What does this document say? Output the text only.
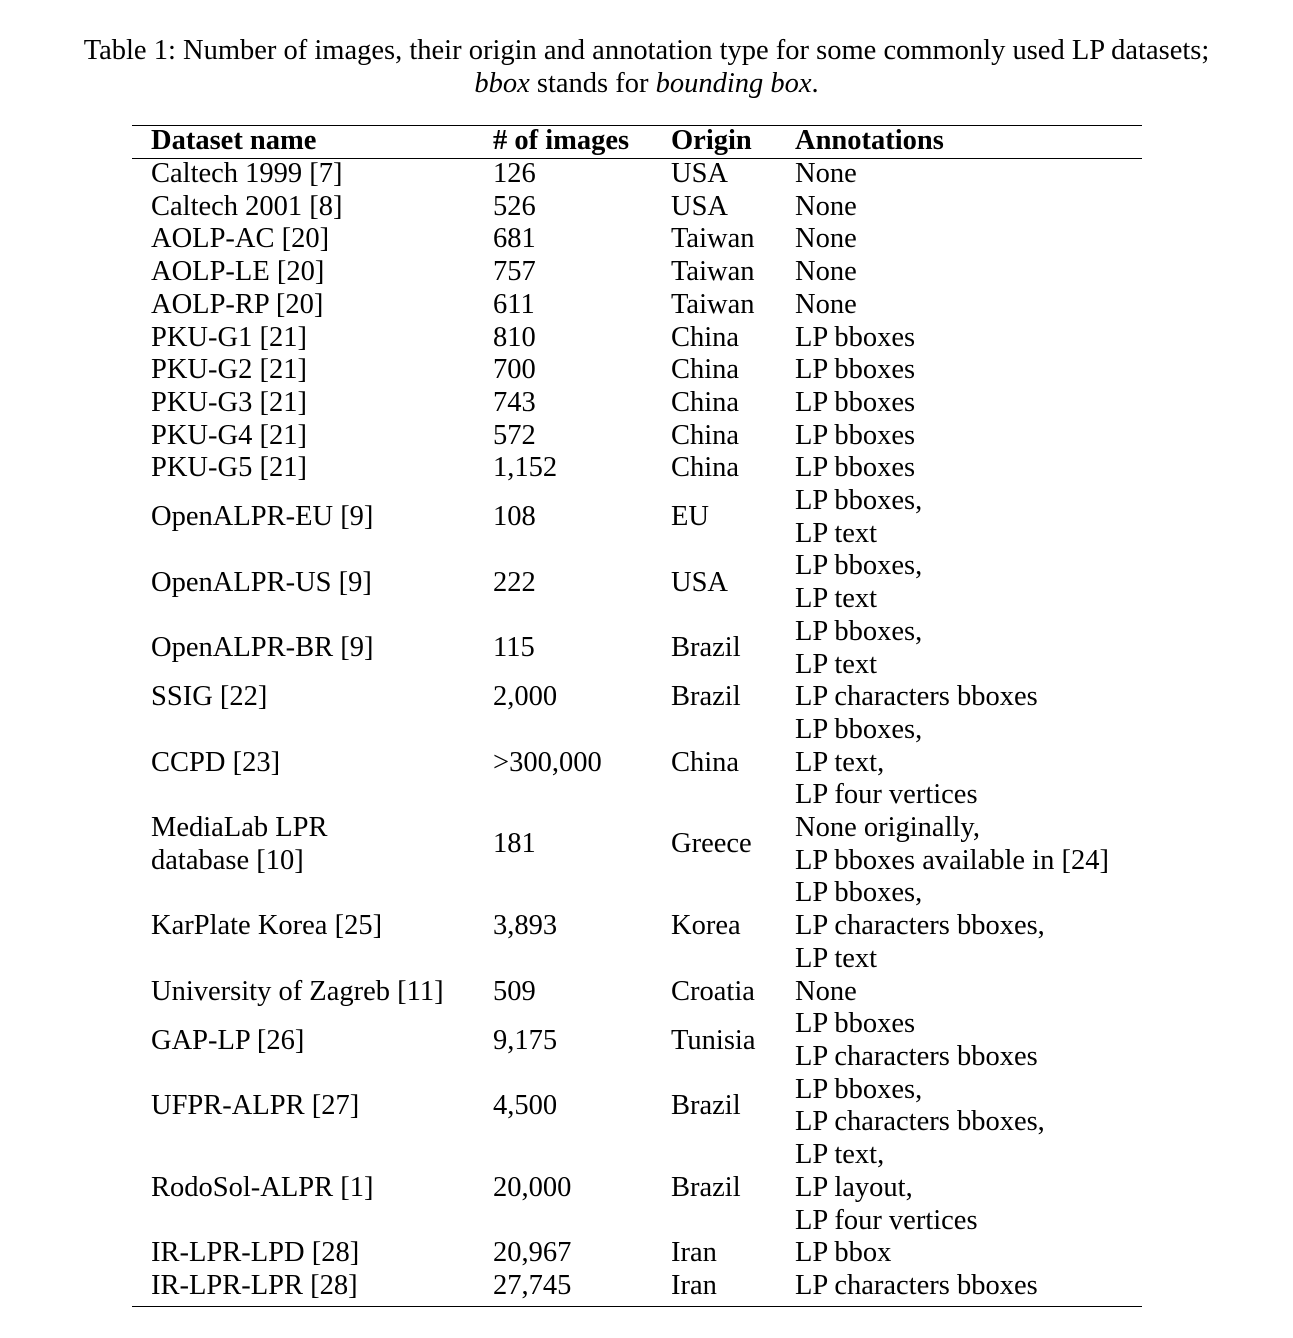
Table 1: Number of images, their origin and annotation type for some commonly used LP datasets;
bbox stands for bounding box.
Dataset name	# of images	Origin	Annotations

Caltech 1999 [7]	126	USA	None

Caltech 2001 [8]	526	USA	None

AOLP-AC [20]	681	Taiwan	None

AOLP-LE [20]	757	Taiwan	None

AOLP-RP [20]	611	Taiwan	None

PKU-G1 [21]	810	China	LP bboxes

PKU-G2 [21]	700	China	LP bboxes

PKU-G3 [21]	743	China	LP bboxes

PKU-G4 [21]	572	China	LP bboxes

PKU-G5 [21]	1,152	China	LP bboxes

OpenALPR-EU [9]	108	EU	LP bboxes,
LP text

OpenALPR-US [9]	222	USA	LP bboxes,
LP text

OpenALPR-BR [9]	115	Brazil	LP bboxes,
LP text

SSIG [22]	2,000	Brazil	LP characters bboxes

CCPD [23]	>300,000	China	LP bboxes,
LP text,
LP four vertices

MediaLab LPR
database [10]	181	Greece	None originally,
LP bboxes available in [24]

KarPlate Korea [25]	3,893	Korea	LP bboxes,
LP characters bboxes,
LP text

University of Zagreb [11]	509	Croatia	None

GAP-LP [26]	9,175	Tunisia	LP bboxes
LP characters bboxes

UFPR-ALPR [27]	4,500	Brazil	LP bboxes,
LP characters bboxes,

RodoSol-ALPR [1]	20,000	Brazil	LP text,
LP layout,
LP four vertices

IR-LPR-LPD [28]	20,967	Iran	LP bbox

IR-LPR-LPR [28]	27,745	Iran	LP characters bboxes
